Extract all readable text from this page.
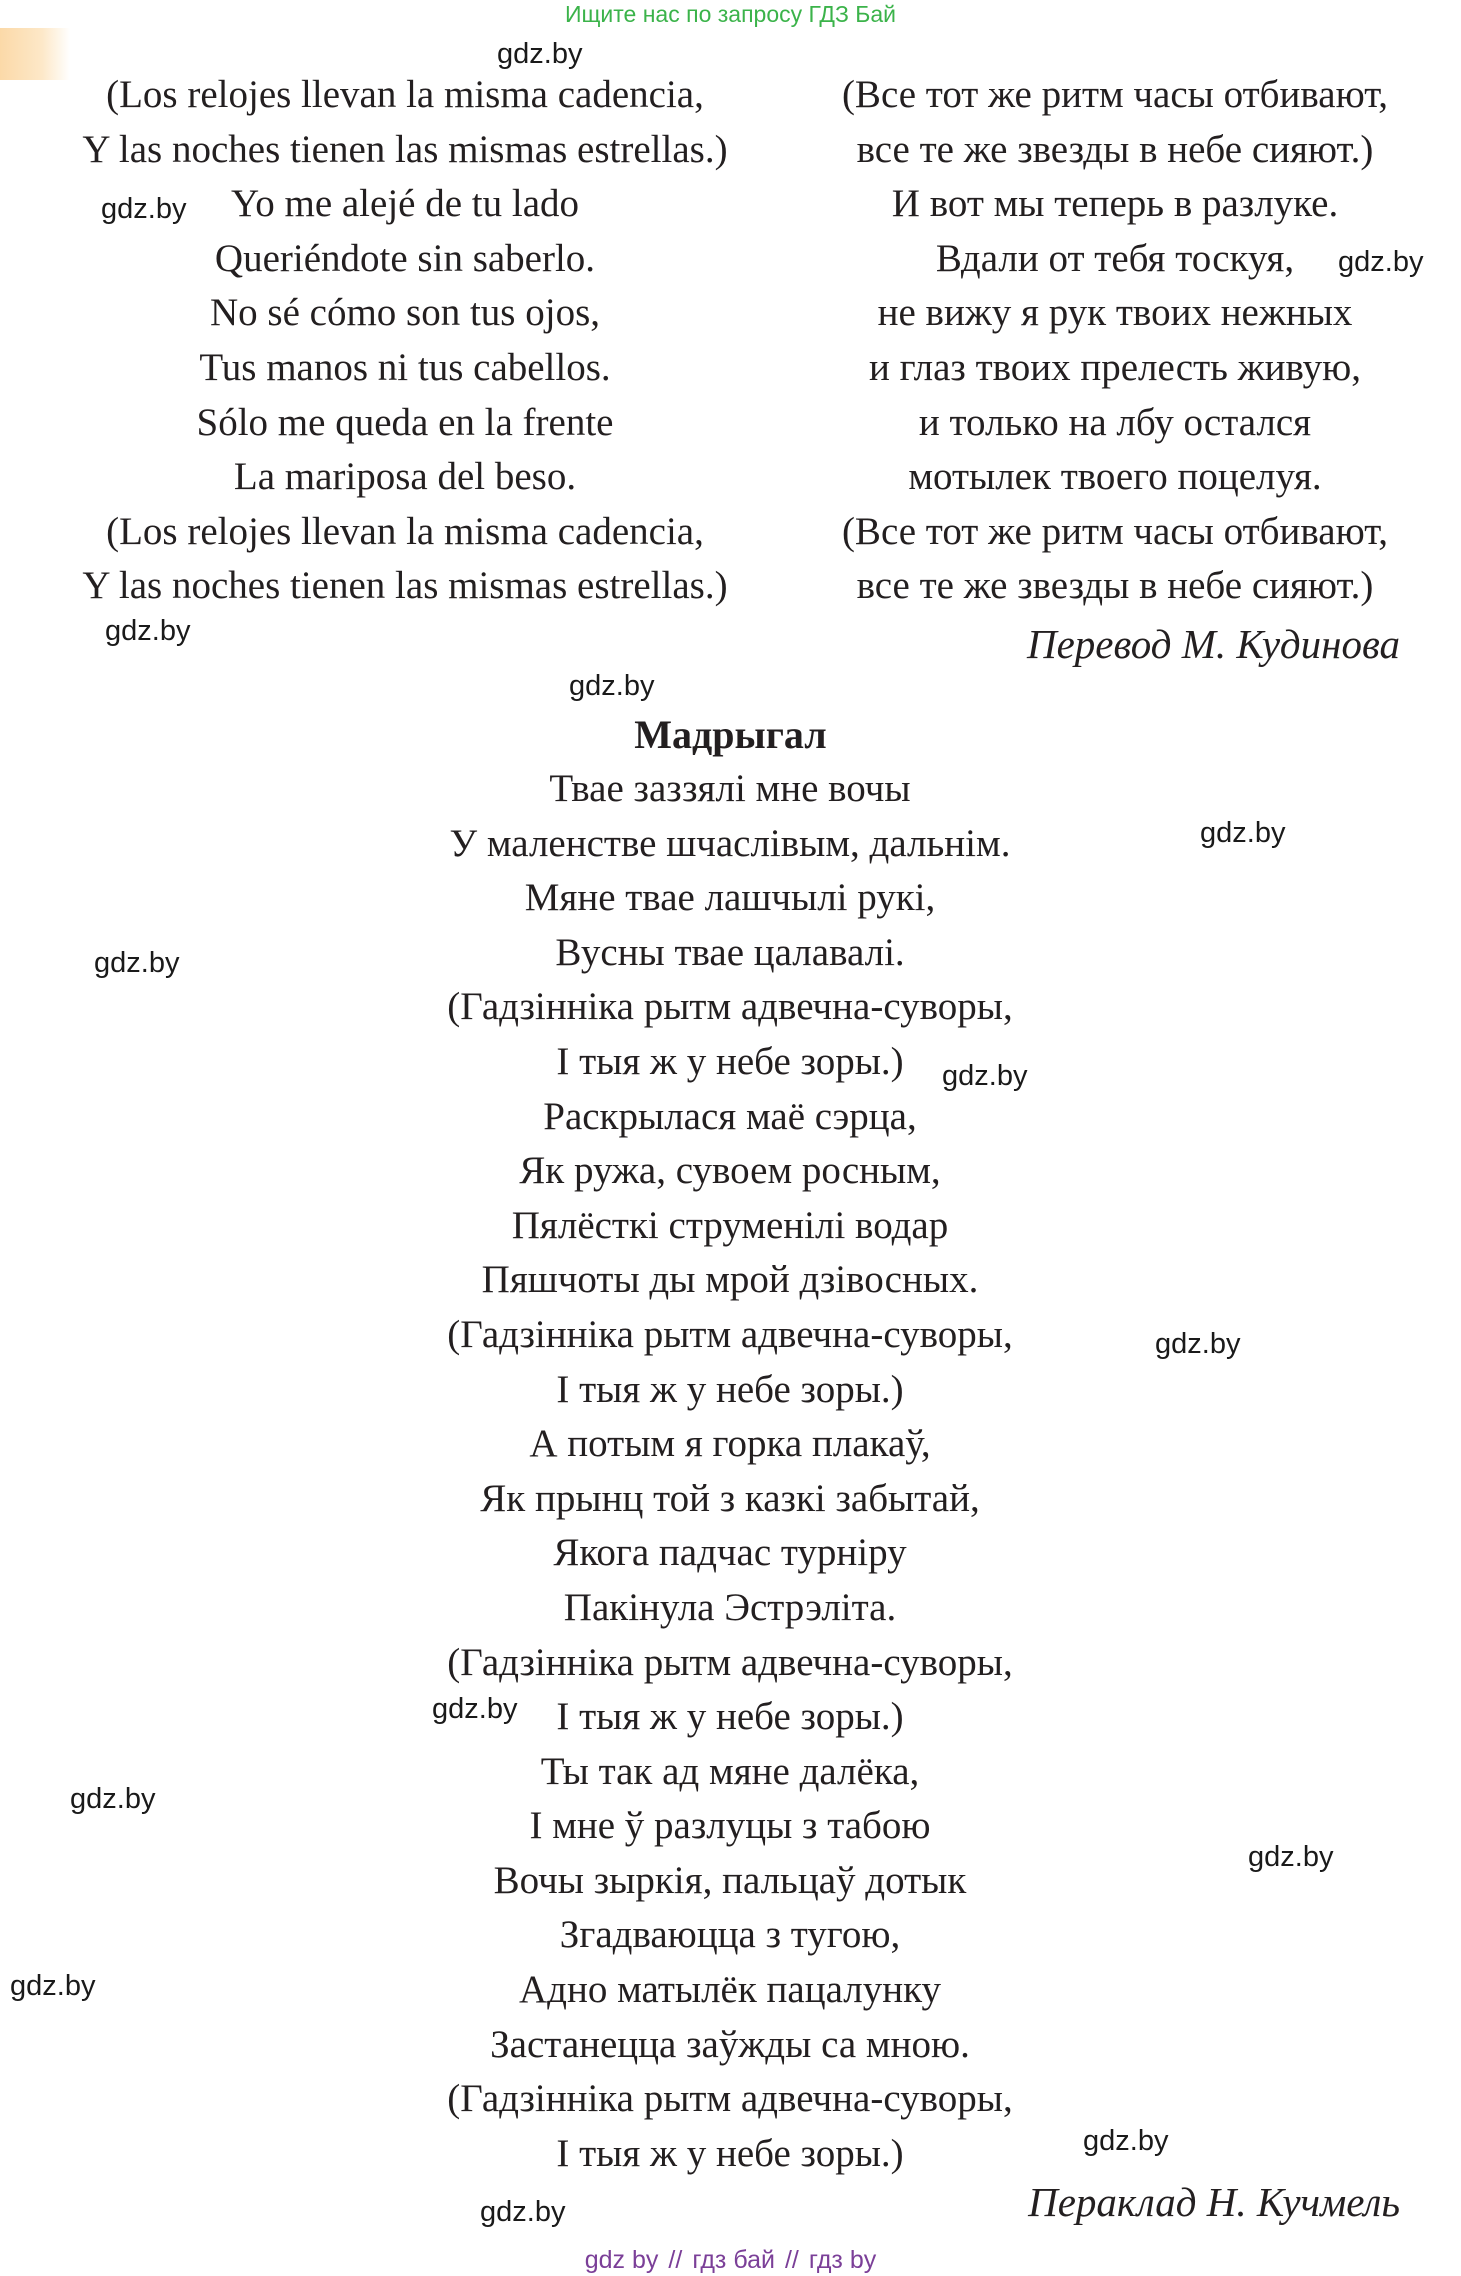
Ищите нас по запросу ГДЗ Бай
(Los relojes llevan la misma cadencia,
Y las noches tienen las mismas estrellas.)
Yo me alejé de tu lado
Queriéndote sin saberlo.
No sé cómo son tus ojos,
Tus manos ni tus cabellos.
Sólo me queda en la frente
La mariposa del beso.
(Los relojes llevan la misma cadencia,
Y las noches tienen las mismas estrellas.)
(Все тот же ритм часы отбивают,
все те же звезды в небе сияют.)
И вот мы теперь в разлуке.
Вдали от тебя тоскуя,
не вижу я рук твоих нежных
и глаз твоих прелесть живую,
и только на лбу остался
мотылек твоего поцелуя.
(Все тот же ритм часы отбивают,
все те же звезды в небе сияют.)
Перевод М. Кудинова
Мадрыгал
Твае заззялі мне вочы
У маленстве шчаслівым, дальнім.
Мяне твае лашчылі рукі,
Вусны твае цалавалі.
(Гадзінніка рытм адвечна-суворы,
І тыя ж у небе зоры.)
Раскрылася маё сэрца,
Як ружа, сувоем росным,
Пялёсткі струменілі водар
Пяшчоты ды мрой дзівосных.
(Гадзінніка рытм адвечна-суворы,
І тыя ж у небе зоры.)
А потым я горка плакаў,
Як прынц той з казкі забытай,
Якога падчас турніру
Пакінула Эстрэліта.
(Гадзінніка рытм адвечна-суворы,
І тыя ж у небе зоры.)
Ты так ад мяне далёка,
І мне ў разлуцы з табою
Вочы зыркія, пальцаў дотык
Згадваюцца з тугою,
Адно матылёк пацалунку
Застанецца заўжды са мною.
(Гадзінніка рытм адвечна-суворы,
І тыя ж у небе зоры.)
Пераклад Н. Кучмель
gdz.by
gdz.by
gdz.by
gdz.by
gdz.by
gdz.by
gdz.by
gdz.by
gdz.by
gdz.by
gdz.by
gdz.by
gdz.by
gdz.by
gdz.by
gdz by // гдз бай // гдз by
